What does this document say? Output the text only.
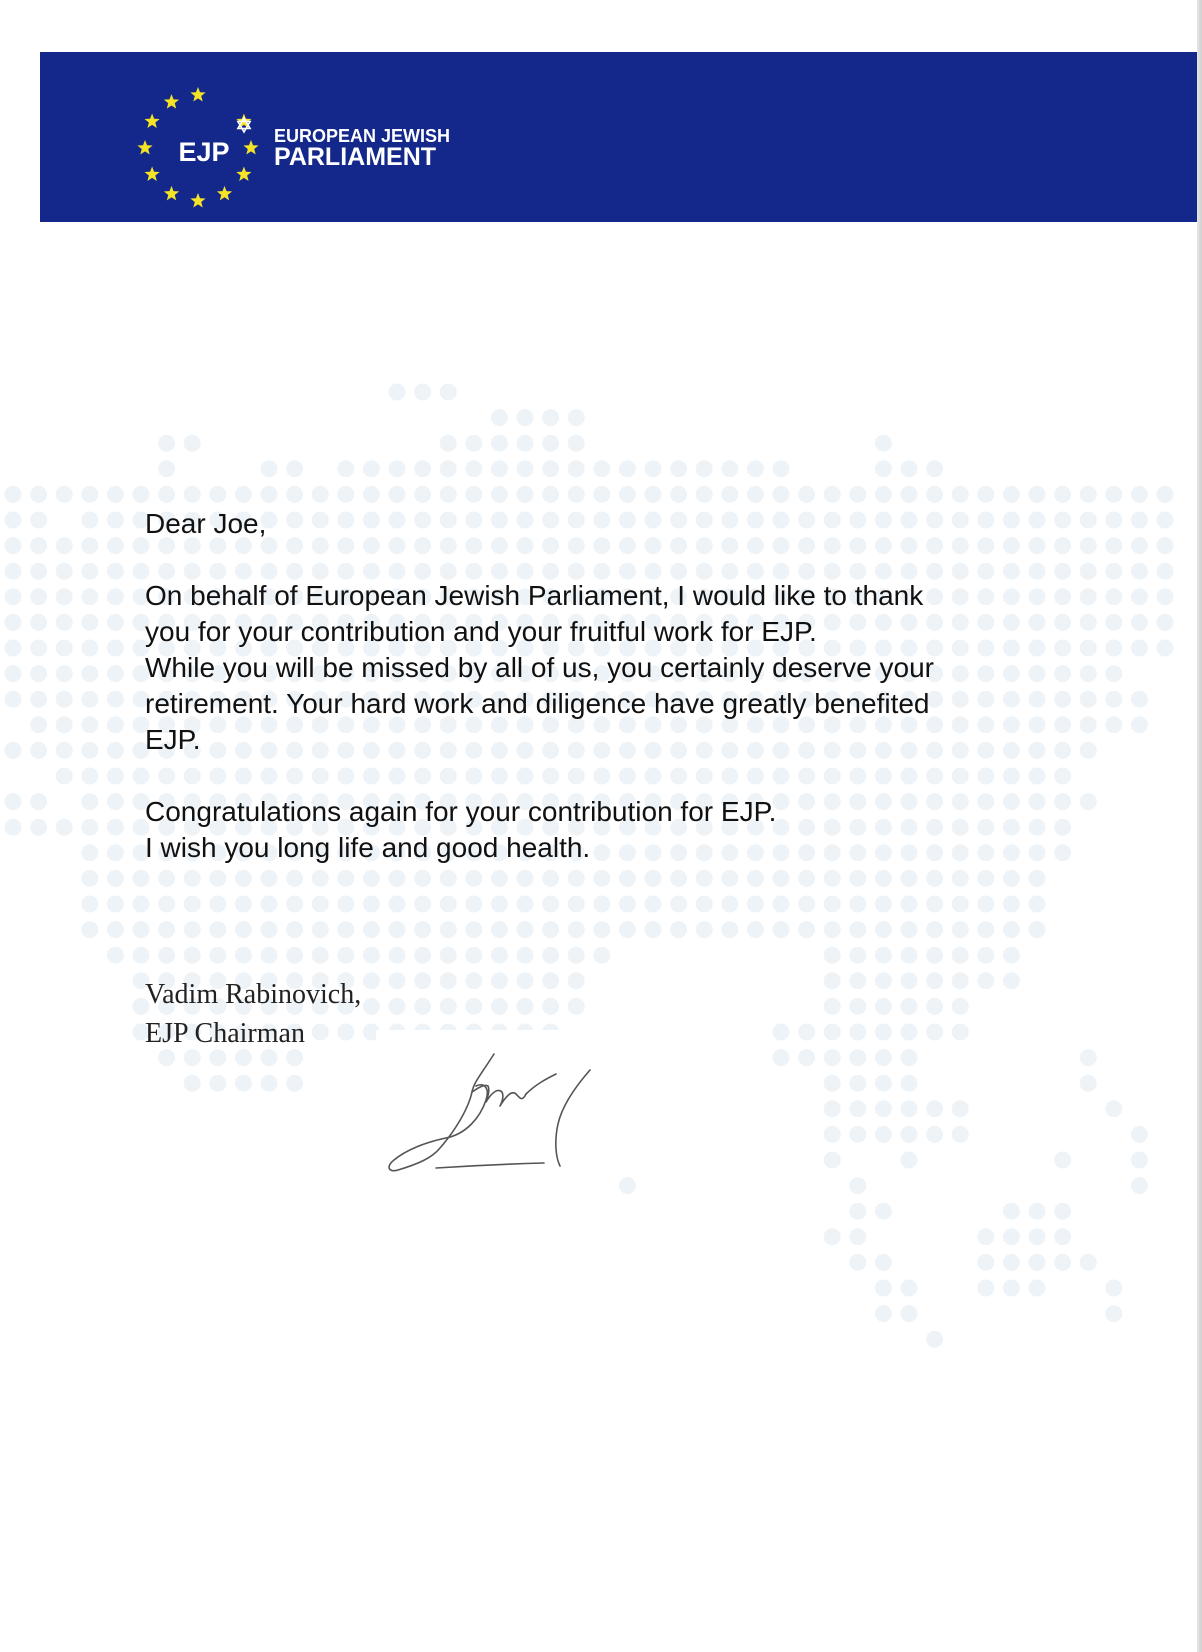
EJP
EUROPEAN JEWISH
PARLIAMENT

Dear Joe,

On behalf of European Jewish Parliament, I would like to thank

you for your contribution and your fruitful work for EJP.

While you will be missed by all of us, you certainly deserve your

retirement. Your hard work and diligence have greatly benefited

EJP.

Congratulations again for your contribution for EJP.

I wish you long life and good health.

Vadim Rabinovich,
EJP Chairman
